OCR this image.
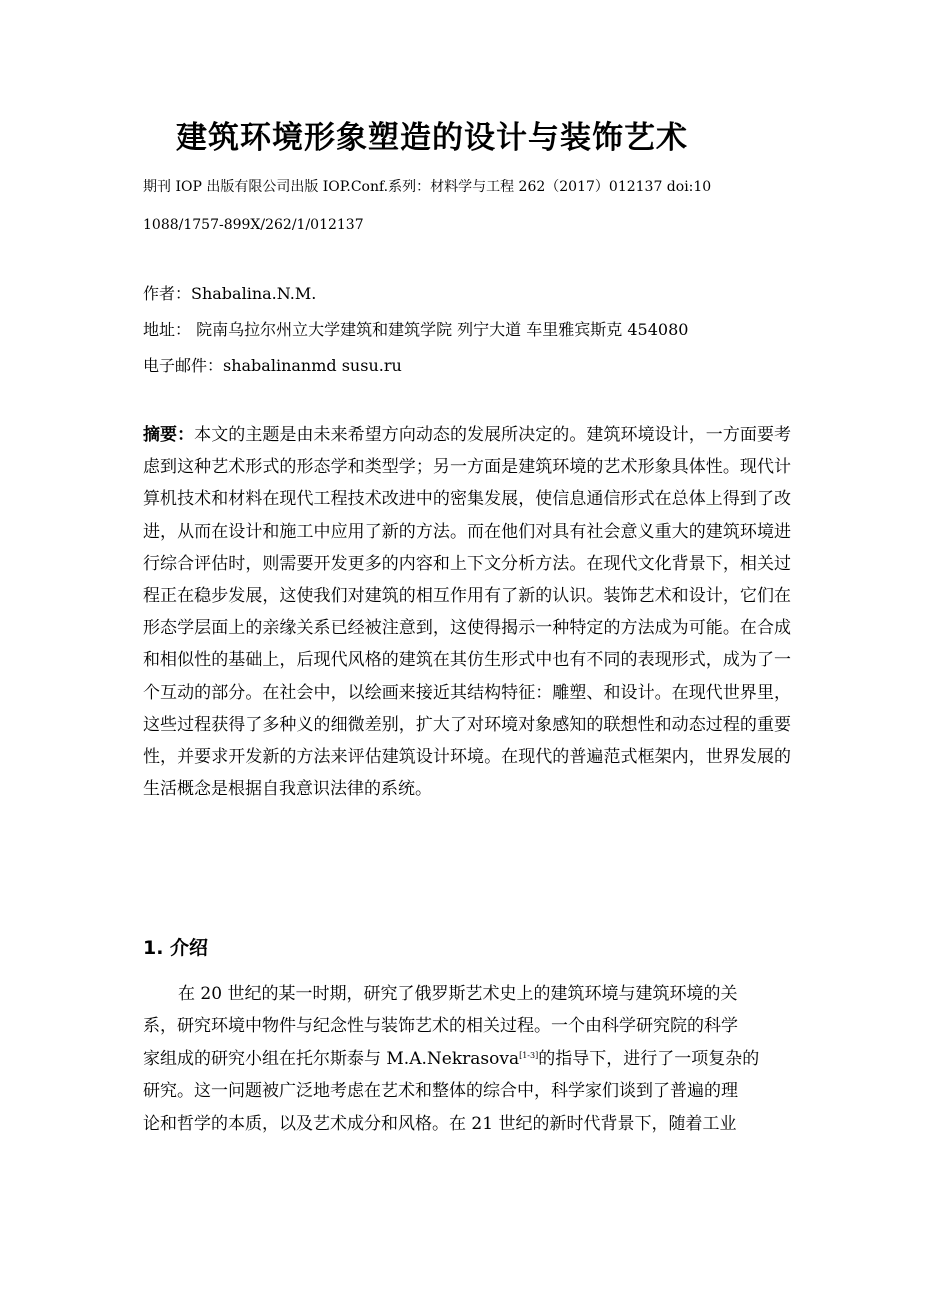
建筑环境形象塑造的设计与装饰艺术
期刊 IOP 出版有限公司出版 IOP.Conf.系列：材料学与工程 262（2017）012137 doi:10
1088/1757-899X/262/1/012137
作者：Shabalina.N.M.
地址： 院南乌拉尔州立大学建筑和建筑学院 列宁大道 车里雅宾斯克 454080
电子邮件：shabalinanmd susu.ru
摘要：本文的主题是由未来希望方向动态的发展所决定的。建筑环境设计，一方面要考虑到这种艺术形式的形态学和类型学；另一方面是建筑环境的艺术形象具体性。现代计算机技术和材料在现代工程技术改进中的密集发展，使信息通信形式在总体上得到了改进，从而在设计和施工中应用了新的方法。而在他们对具有社会意义重大的建筑环境进行综合评估时，则需要开发更多的内容和上下文分析方法。在现代文化背景下，相关过程正在稳步发展，这使我们对建筑的相互作用有了新的认识。装饰艺术和设计，它们在形态学层面上的亲缘关系已经被注意到，这使得揭示一种特定的方法成为可能。在合成和相似性的基础上，后现代风格的建筑在其仿生形式中也有不同的表现形式，成为了一个互动的部分。在社会中，以绘画来接近其结构特征：雕塑、和设计。在现代世界里，这些过程获得了多种义的细微差别，扩大了对环境对象感知的联想性和动态过程的重要性，并要求开发新的方法来评估建筑设计环境。在现代的普遍范式框架内，世界发展的生活概念是根据自我意识法律的系统。
1. 介绍
在 20 世纪的某一时期，研究了俄罗斯艺术史上的建筑环境与建筑环境的关
系，研究环境中物件与纪念性与装饰艺术的相关过程。一个由科学研究院的科学
家组成的研究小组在托尔斯泰与 M.A.Nekrasova[1-3]的指导下，进行了一项复杂的
研究。这一问题被广泛地考虑在艺术和整体的综合中，科学家们谈到了普遍的理
论和哲学的本质，以及艺术成分和风格。在 21 世纪的新时代背景下，随着工业
